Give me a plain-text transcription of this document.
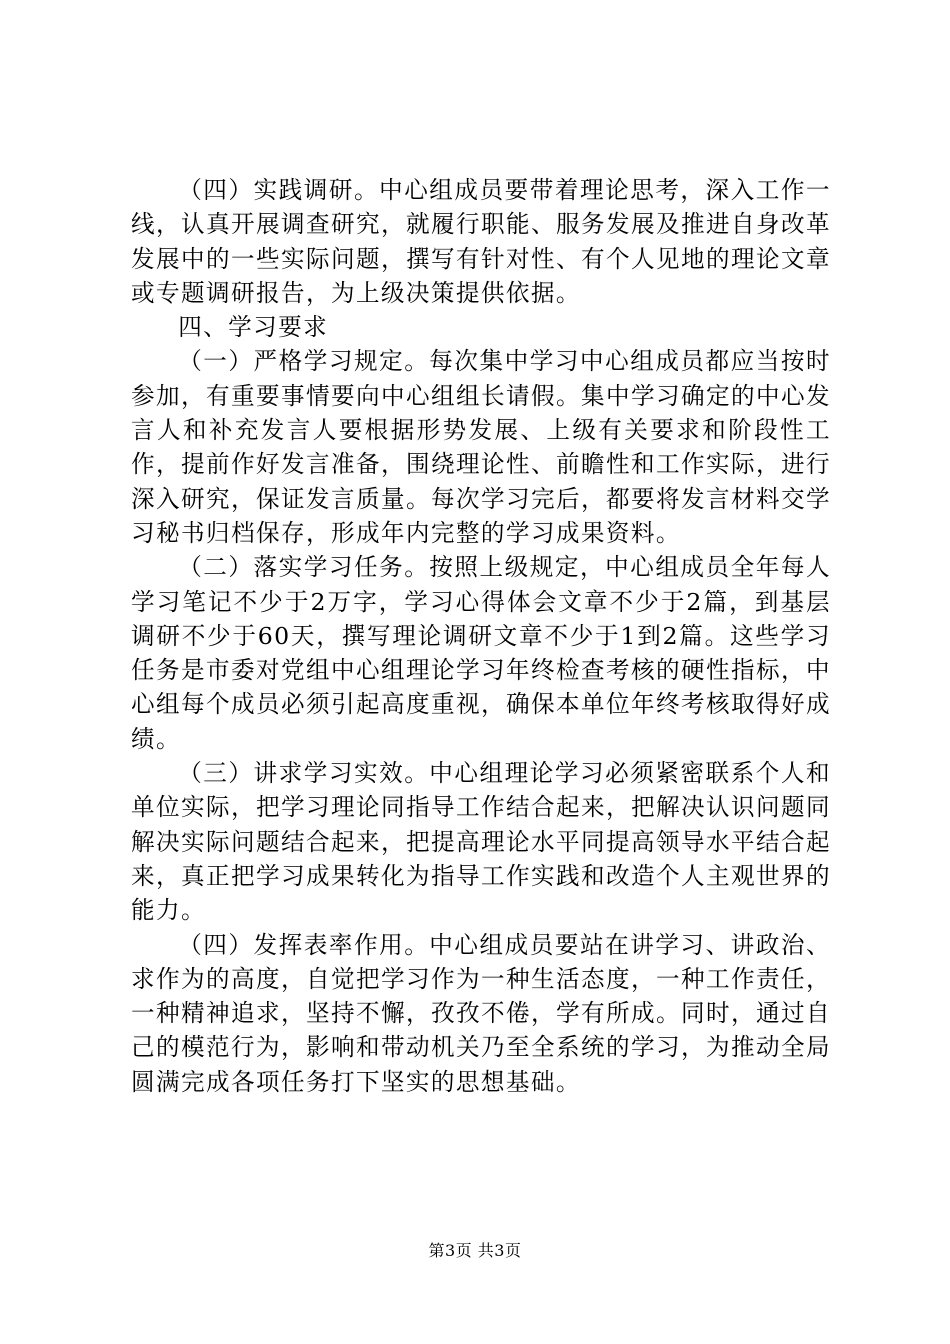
（四）实践调研。中心组成员要带着理论思考，深入工作一线，认真开展调查研究，就履行职能、服务发展及推进自身改革发展中的一些实际问题，撰写有针对性、有个人见地的理论文章或专题调研报告，为上级决策提供依据。

四、学习要求

（一）严格学习规定。每次集中学习中心组成员都应当按时参加，有重要事情要向中心组组长请假。集中学习确定的中心发言人和补充发言人要根据形势发展、上级有关要求和阶段性工作，提前作好发言准备，围绕理论性、前瞻性和工作实际，进行深入研究，保证发言质量。每次学习完后，都要将发言材料交学习秘书归档保存，形成年内完整的学习成果资料。

（二）落实学习任务。按照上级规定，中心组成员全年每人学习笔记不少于2万字，学习心得体会文章不少于2篇，到基层调研不少于60天，撰写理论调研文章不少于1到2篇。这些学习任务是市委对党组中心组理论学习年终检查考核的硬性指标，中心组每个成员必须引起高度重视，确保本单位年终考核取得好成绩。

（三）讲求学习实效。中心组理论学习必须紧密联系个人和单位实际，把学习理论同指导工作结合起来，把解决认识问题同解决实际问题结合起来，把提高理论水平同提高领导水平结合起来，真正把学习成果转化为指导工作实践和改造个人主观世界的能力。

（四）发挥表率作用。中心组成员要站在讲学习、讲政治、求作为的高度，自觉把学习作为一种生活态度，一种工作责任，一种精神追求，坚持不懈，孜孜不倦，学有所成。同时，通过自己的模范行为，影响和带动机关乃至全系统的学习，为推动全局圆满完成各项任务打下坚实的思想基础。

第3页 共3页
